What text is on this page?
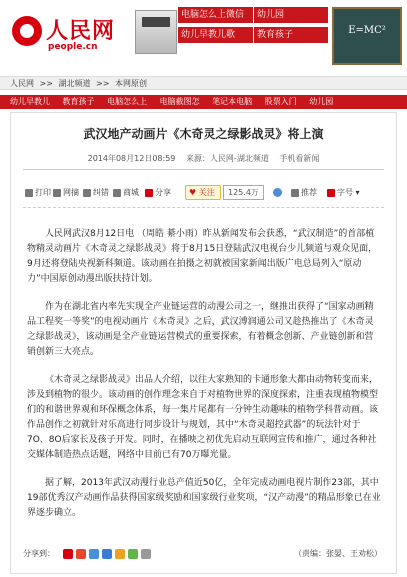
人民网
people.cn
电脑怎么上微信	幼儿园
幼儿早教儿歌	教育孩子	E=MC²
人民网 >> 湖北频道 >> 本网原创
幼儿早教儿 教育孩子 电脑怎么上 电脑截图怎 笔记本电脑 股票入门 幼儿园
武汉地产动画片《木奇灵之绿影战灵》将上演
2014年08月12日08:59 来源：人民网-湖北频道 手机看新闻
打印	网摘	纠错	商城	分享	♥ 关注	125.4万	推荐	字号 ▾

人民网武汉8月12日电 （周皓 綦小雨）昨从新闻发布会获悉，“武汉制造”的首部植物精灵动画片《木奇灵之绿影战灵》将于8月15日登陆武汉电视台少儿频道与观众见面，9月还将登陆央视新科频道。该动画在拍摄之初就被国家新闻出版广电总局列入“原动力”中国原创动漫出版扶持计划。

作为在湖北省内率先实现全产业链运营的动漫公司之一，继推出获得了“国家动画精品工程奖一等奖”的电视动画片《木奇灵》之后，武汉溥润通公司又趁热推出了《木奇灵之绿影战灵》，该动画是全产业链运营模式的重要探索，有着概念创新、产业链创新和营销创新三大亮点。

《木奇灵之绿影战灵》出品人介绍，以往大家熟知的卡通形象大都由动物转变而来，涉及到植物的很少。该动画的创作理念来自于对植物世界的深度探索，注重表现植物模型们的和谐世界观和环保概念体系，每一集片尾都有一分钟生动趣味的植物学科普动画。该作品创作之初就针对乐高进行同步设计与规划，其中“木奇灵超控武器”的玩法针对于7O、8O后家长及孩子开发。同时，在播映之初优先启动互联网宣传和推广，通过各种社交媒体制造热点话题，网络中目前已有70万曝光量。

据了解，2013年武汉动漫行业总产值近50亿，全年完成动画电视片制作23部，其中19部优秀汉产动画作品获得国家级奖励和国家级行业奖项，“汉产动漫”的精品形象已在业界逐步确立。

分享到：	（责编：张晏、王劝松）
